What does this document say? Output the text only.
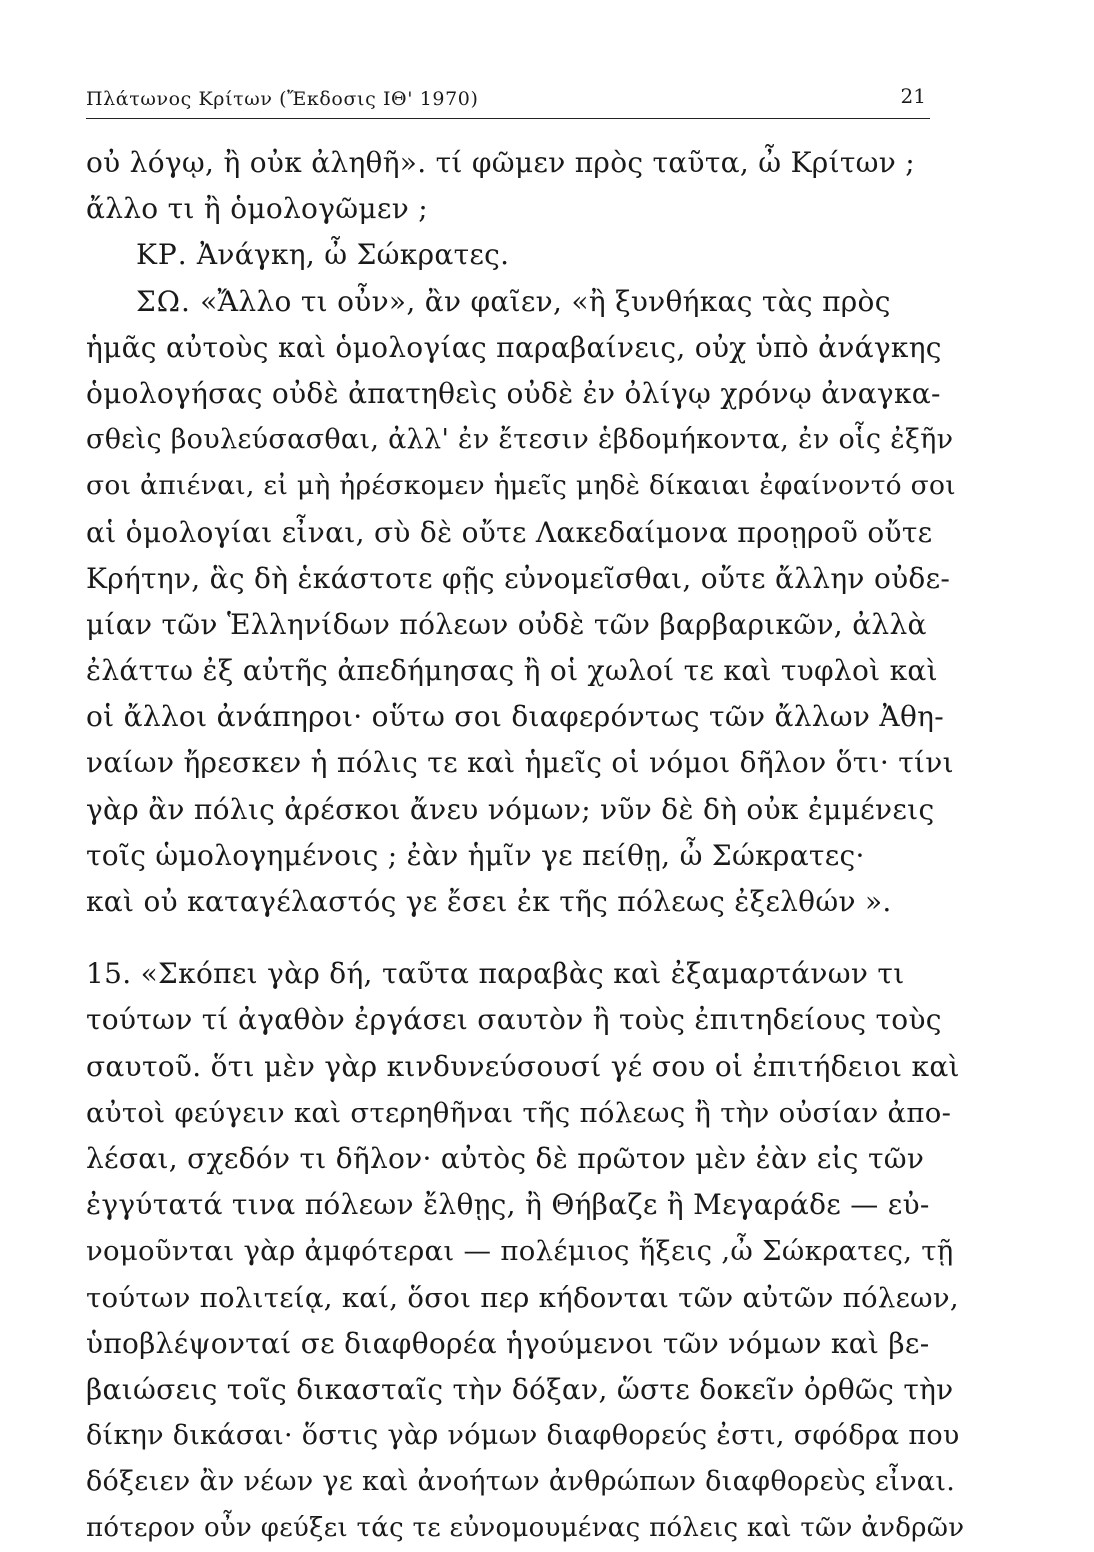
Πλάτωνος Κρίτων (Ἔκδοσις ΙΘ' 1970)	21
οὐ λόγῳ, ἢ οὐκ ἀληθῆ». τί φῶμεν πρὸς ταῦτα, ὦ Κρίτων ;
ἄλλο τι ἢ ὁμολογῶμεν ;
ΚΡ. Ἀνάγκη, ὦ Σώκρατες.
ΣΩ. «Ἄλλο τι οὖν», ἂν φαῖεν, «ἢ ξυνθήκας τὰς πρὸς
ἡμᾶς αὐτοὺς καὶ ὁμολογίας παραβαίνεις, οὐχ ὑπὸ ἀνάγκης
ὁμολογήσας οὐδὲ ἀπατηθεὶς οὐδὲ ἐν ὀλίγῳ χρόνῳ ἀναγκα-
σθεὶς βουλεύσασθαι, ἀλλ' ἐν ἔτεσιν ἑβδομήκοντα, ἐν οἷς ἐξῆν
σοι ἀπιέναι, εἰ μὴ ἠρέσκομεν ἡμεῖς μηδὲ δίκαιαι ἐφαίνοντό σοι
αἱ ὁμολογίαι εἶναι, σὺ δὲ οὔτε Λακεδαίμονα προῃροῦ οὔτε
Κρήτην, ἃς δὴ ἑκάστοτε φῇς εὐνομεῖσθαι, οὔτε ἄλλην οὐδε-
μίαν τῶν Ἑλληνίδων πόλεων οὐδὲ τῶν βαρβαρικῶν, ἀλλὰ
ἐλάττω ἐξ αὐτῆς ἀπεδήμησας ἢ οἱ χωλοί τε καὶ τυφλοὶ καὶ
οἱ ἄλλοι ἀνάπηροι· οὕτω σοι διαφερόντως τῶν ἄλλων Ἀθη-
ναίων ἤρεσκεν ἡ πόλις τε καὶ ἡμεῖς οἱ νόμοι δῆλον ὅτι· τίνι
γὰρ ἂν πόλις ἀρέσκοι ἄνευ νόμων; νῦν δὲ δὴ οὐκ ἐμμένεις
τοῖς ὡμολογημένοις ; ἐὰν ἡμῖν γε πείθῃ, ὦ Σώκρατες·
καὶ οὐ καταγέλαστός γε ἔσει ἐκ τῆς πόλεως ἐξελθών ».
15. «Σκόπει γὰρ δή, ταῦτα παραβὰς καὶ ἐξαμαρτάνων τι
τούτων τί ἀγαθὸν ἐργάσει σαυτὸν ἢ τοὺς ἐπιτηδείους τοὺς
σαυτοῦ. ὅτι μὲν γὰρ κινδυνεύσουσί γέ σου οἱ ἐπιτήδειοι καὶ
αὐτοὶ φεύγειν καὶ στερηθῆναι τῆς πόλεως ἢ τὴν οὐσίαν ἀπο-
λέσαι, σχεδόν τι δῆλον· αὐτὸς δὲ πρῶτον μὲν ἐὰν εἰς τῶν
ἐγγύτατά τινα πόλεων ἔλθῃς, ἢ Θήβαζε ἢ Μεγαράδε — εὐ-
νομοῦνται γὰρ ἀμφότεραι — πολέμιος ἥξεις ,ὦ Σώκρατες, τῇ
τούτων πολιτείᾳ, καί, ὅσοι περ κήδονται τῶν αὐτῶν πόλεων,
ὑποβλέψονταί σε διαφθορέα ἡγούμενοι τῶν νόμων καὶ βε-
βαιώσεις τοῖς δικασταῖς τὴν δόξαν, ὥστε δοκεῖν ὀρθῶς τὴν
δίκην δικάσαι· ὅστις γὰρ νόμων διαφθορεύς ἐστι, σφόδρα που
δόξειεν ἂν νέων γε καὶ ἀνοήτων ἀνθρώπων διαφθορεὺς εἶναι.
πότερον οὖν φεύξει τάς τε εὐνομουμένας πόλεις καὶ τῶν ἀνδρῶν
